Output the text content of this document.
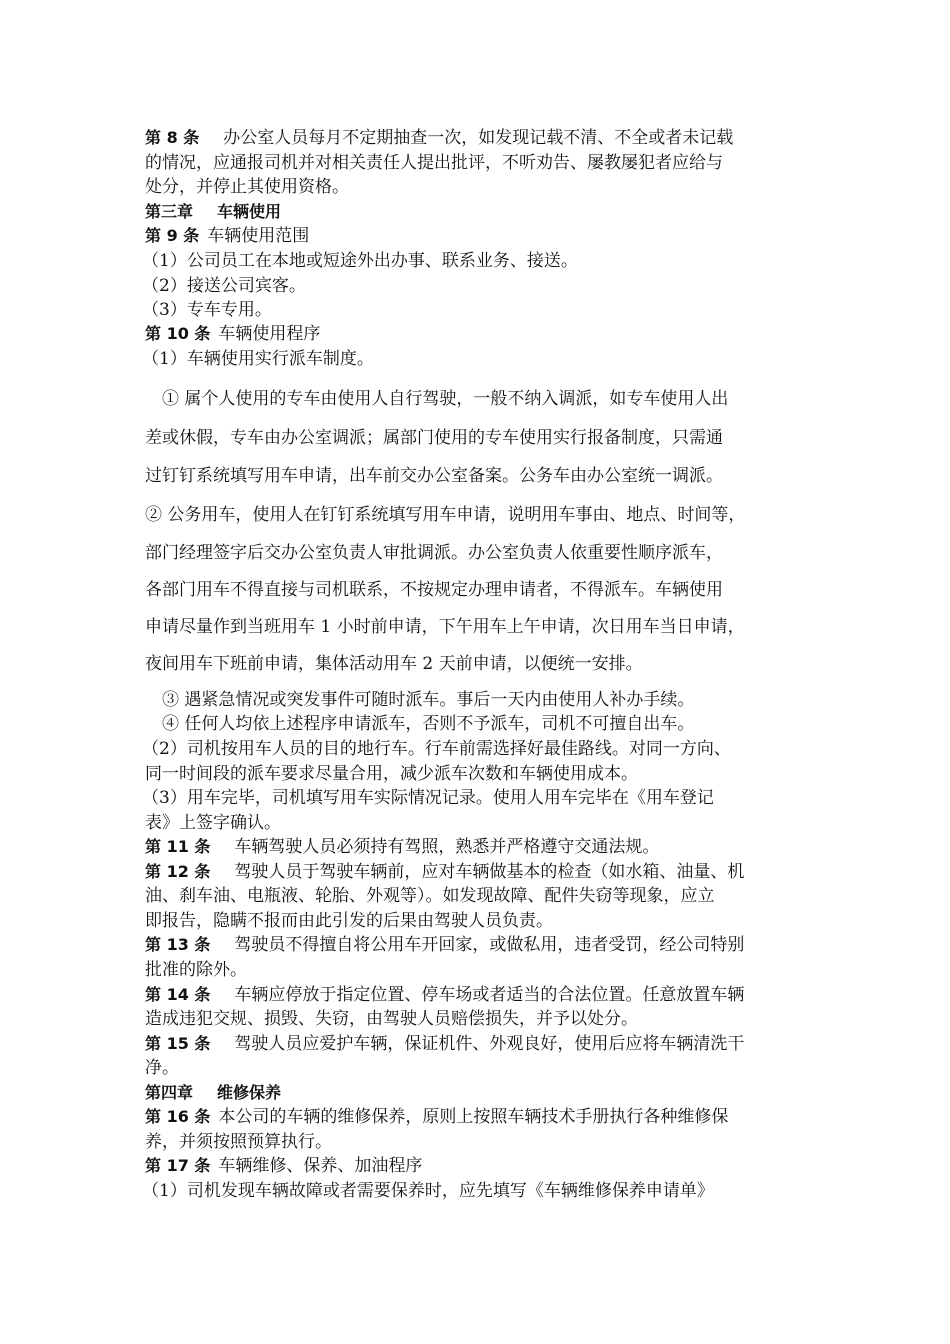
第 8 条 办公室人员每月不定期抽查一次，如发现记载不清、不全或者未记载
的情况，应通报司机并对相关责任人提出批评，不听劝告、屡教屡犯者应给与
处分，并停止其使用资格。
第三章 车辆使用
第 9 条 车辆使用范围
（1）公司员工在本地或短途外出办事、联系业务、接送。
（2）接送公司宾客。
（3）专车专用。
第 10 条 车辆使用程序
（1）车辆使用实行派车制度。
① 属个人使用的专车由使用人自行驾驶，一般不纳入调派，如专车使用人出
差或休假，专车由办公室调派；属部门使用的专车使用实行报备制度，只需通
过钉钉系统填写用车申请，出车前交办公室备案。公务车由办公室统一调派。
② 公务用车，使用人在钉钉系统填写用车申请，说明用车事由、地点、时间等，
部门经理签字后交办公室负责人审批调派。办公室负责人依重要性顺序派车，
各部门用车不得直接与司机联系，不按规定办理申请者，不得派车。车辆使用
申请尽量作到当班用车 1 小时前申请，下午用车上午申请，次日用车当日申请，
夜间用车下班前申请，集体活动用车 2 天前申请，以便统一安排。
③ 遇紧急情况或突发事件可随时派车。事后一天内由使用人补办手续。
④ 任何人均依上述程序申请派车，否则不予派车，司机不可擅自出车。
（2）司机按用车人员的目的地行车。行车前需选择好最佳路线。对同一方向、
同一时间段的派车要求尽量合用，减少派车次数和车辆使用成本。
（3）用车完毕，司机填写用车实际情况记录。使用人用车完毕在《用车登记
表》上签字确认。
第 11 条 车辆驾驶人员必须持有驾照，熟悉并严格遵守交通法规。
第 12 条 驾驶人员于驾驶车辆前，应对车辆做基本的检查（如水箱、油量、机
油、刹车油、电瓶液、轮胎、外观等）。如发现故障、配件失窃等现象，应立
即报告，隐瞒不报而由此引发的后果由驾驶人员负责。
第 13 条 驾驶员不得擅自将公用车开回家，或做私用，违者受罚，经公司特别
批准的除外。
第 14 条 车辆应停放于指定位置、停车场或者适当的合法位置。任意放置车辆
造成违犯交规、损毁、失窃，由驾驶人员赔偿损失，并予以处分。
第 15 条 驾驶人员应爱护车辆，保证机件、外观良好，使用后应将车辆清洗干
净。
第四章 维修保养
第 16 条 本公司的车辆的维修保养，原则上按照车辆技术手册执行各种维修保
养，并须按照预算执行。
第 17 条 车辆维修、保养、加油程序
（1）司机发现车辆故障或者需要保养时，应先填写《车辆维修保养申请单》
